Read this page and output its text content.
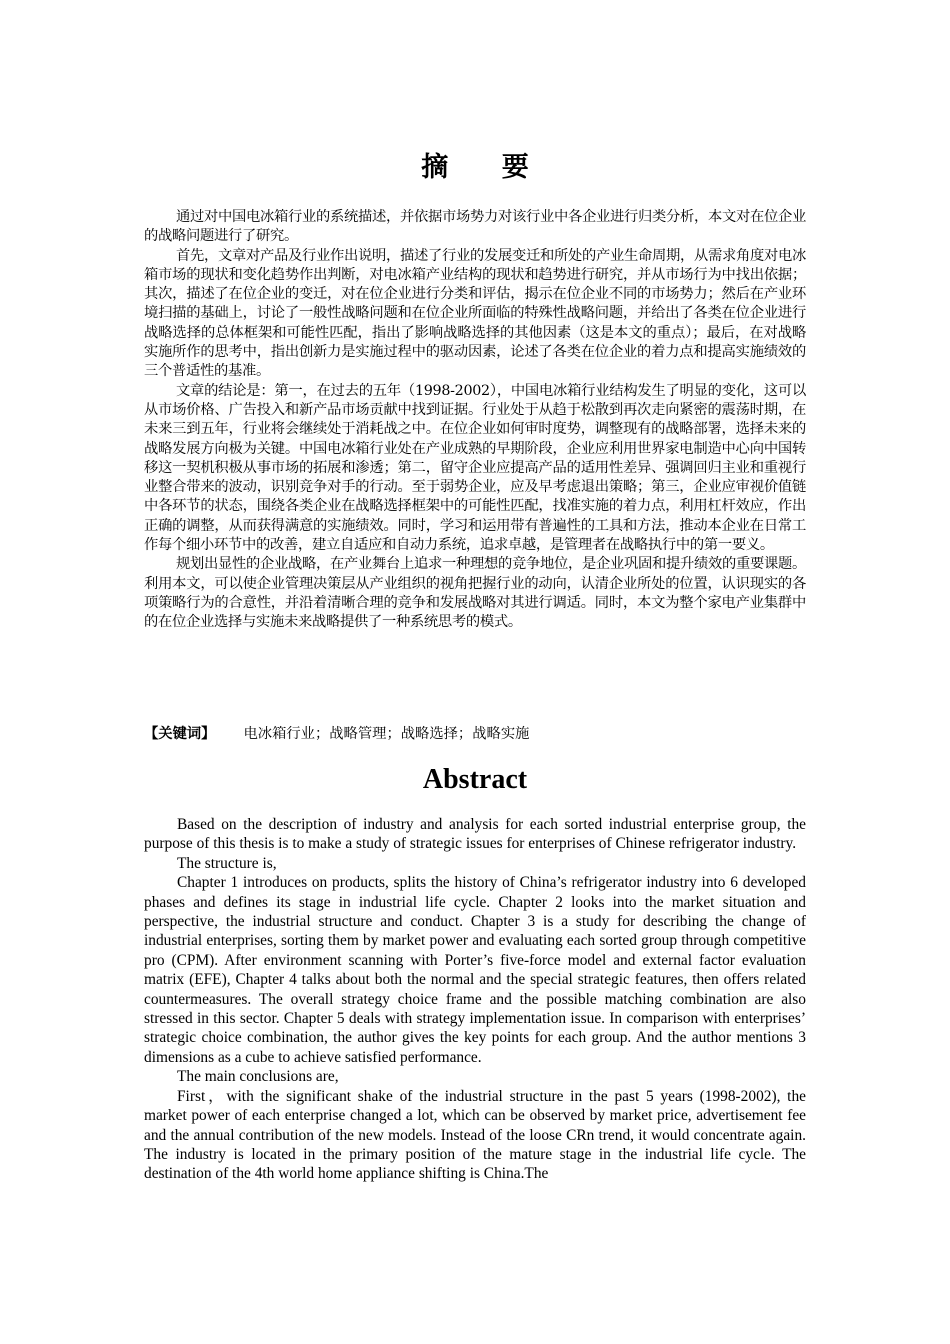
摘 要

通过对中国电冰箱行业的系统描述，并依据市场势力对该行业中各企业进行归类分析，本文对在位企业的战略问题进行了研究。

首先，文章对产品及行业作出说明，描述了行业的发展变迁和所处的产业生命周期，从需求角度对电冰箱市场的现状和变化趋势作出判断，对电冰箱产业结构的现状和趋势进行研究，并从市场行为中找出依据；其次，描述了在位企业的变迁，对在位企业进行分类和评估，揭示在位企业不同的市场势力；然后在产业环境扫描的基础上，讨论了一般性战略问题和在位企业所面临的特殊性战略问题，并给出了各类在位企业进行战略选择的总体框架和可能性匹配，指出了影响战略选择的其他因素（这是本文的重点）；最后，在对战略实施所作的思考中，指出创新力是实施过程中的驱动因素，论述了各类在位企业的着力点和提高实施绩效的三个普适性的基准。

文章的结论是：第一，在过去的五年（1998-2002），中国电冰箱行业结构发生了明显的变化，这可以从市场价格、广告投入和新产品市场贡献中找到证据。行业处于从趋于松散到再次走向紧密的震荡时期，在未来三到五年，行业将会继续处于消耗战之中。在位企业如何审时度势，调整现有的战略部署，选择未来的战略发展方向极为关键。中国电冰箱行业处在产业成熟的早期阶段，企业应利用世界家电制造中心向中国转移这一契机积极从事市场的拓展和渗透；第二，留守企业应提高产品的适用性差异、强调回归主业和重视行业整合带来的波动，识别竞争对手的行动。至于弱势企业，应及早考虑退出策略；第三，企业应审视价值链中各环节的状态，围绕各类企业在战略选择框架中的可能性匹配，找准实施的着力点，利用杠杆效应，作出正确的调整，从而获得满意的实施绩效。同时，学习和运用带有普遍性的工具和方法，推动本企业在日常工作每个细小环节中的改善，建立自适应和自动力系统，追求卓越，是管理者在战略执行中的第一要义。

规划出显性的企业战略，在产业舞台上追求一种理想的竞争地位，是企业巩固和提升绩效的重要课题。利用本文，可以使企业管理决策层从产业组织的视角把握行业的动向，认清企业所处的位置，认识现实的各项策略行为的合意性，并沿着清晰合理的竞争和发展战略对其进行调适。同时，本文为整个家电产业集群中的在位企业选择与实施未来战略提供了一种系统思考的模式。

【关键词】 电冰箱行业；战略管理；战略选择；战略实施
Abstract

Based on the description of industry and analysis for each sorted industrial enterprise group, the purpose of this thesis is to make a study of strategic issues for enterprises of Chinese refrigerator industry.

The structure is,

Chapter 1 introduces on products, splits the history of China’s refrigerator industry into 6 developed phases and defines its stage in industrial life cycle. Chapter 2 looks into the market situation and perspective, the industrial structure and conduct. Chapter 3 is a study for describing the change of industrial enterprises, sorting them by market power and evaluating each sorted group through competitive pro (CPM). After environment scanning with Porter’s five-force model and external factor evaluation matrix (EFE), Chapter 4 talks about both the normal and the special strategic features, then offers related countermeasures. The overall strategy choice frame and the possible matching combination are also stressed in this sector. Chapter 5 deals with strategy implementation issue. In comparison with enterprises’ strategic choice combination, the author gives the key points for each group. And the author mentions 3 dimensions as a cube to achieve satisfied performance.

The main conclusions are,

First，with the significant shake of the industrial structure in the past 5 years (1998-2002), the market power of each enterprise changed a lot, which can be observed by market price, advertisement fee and the annual contribution of the new models. Instead of the loose CRn trend, it would concentrate again. The industry is located in the primary position of the mature stage in the industrial life cycle. The destination of the 4th world home appliance shifting is China.The
